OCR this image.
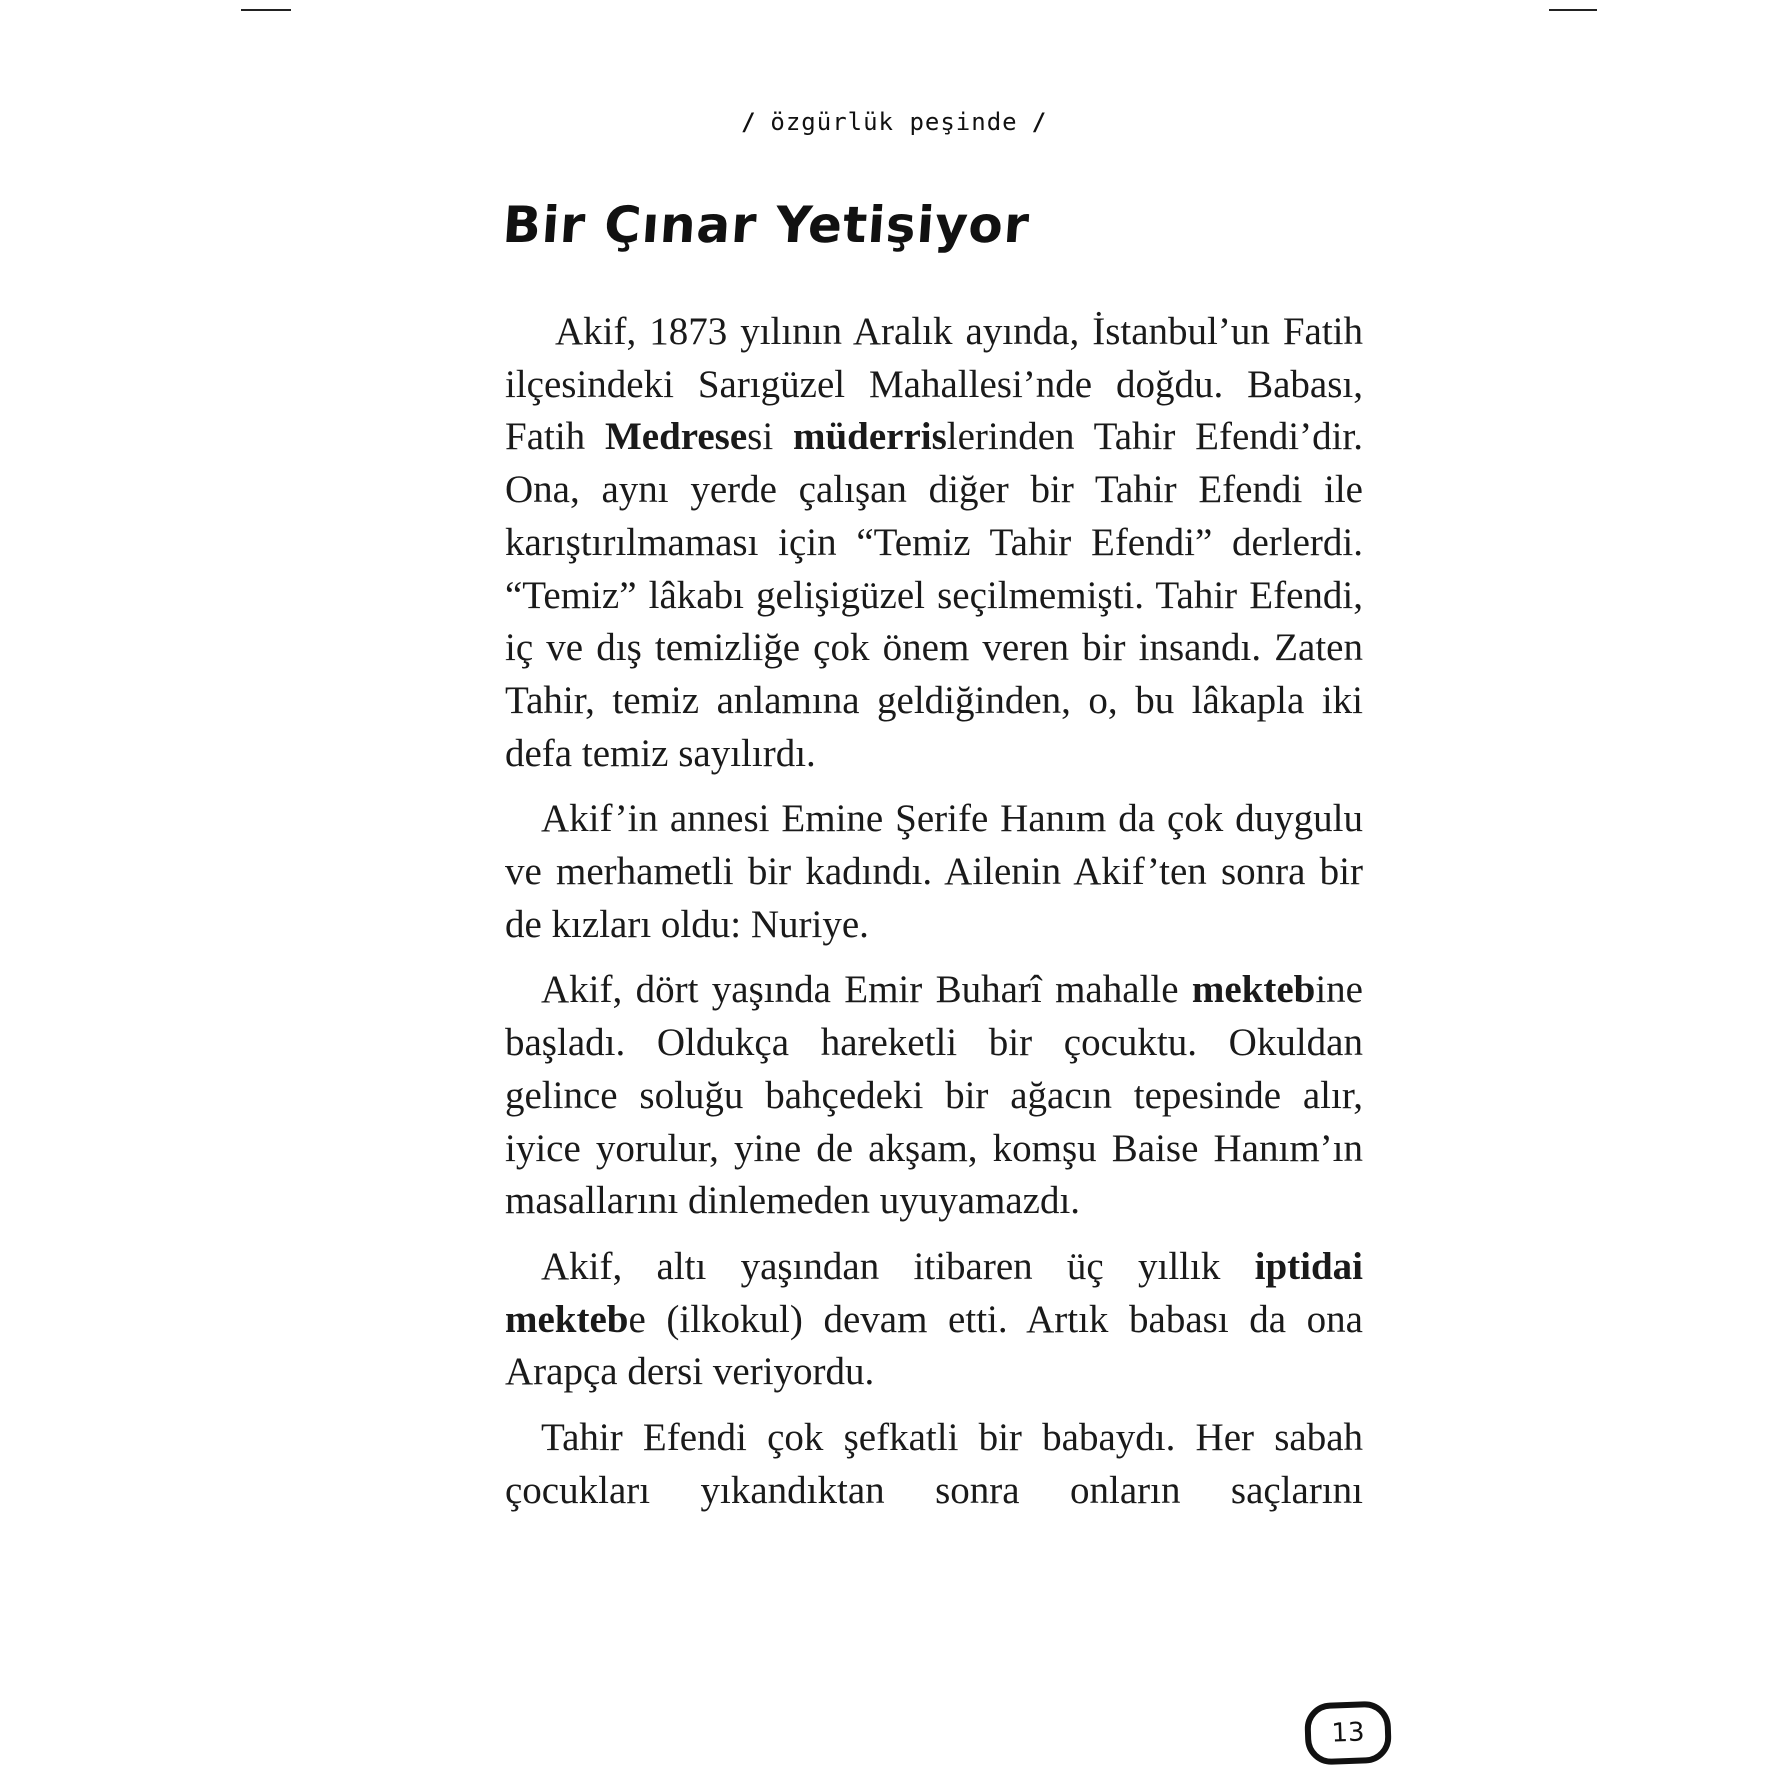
/ özgürlük peşinde /
Bir Çınar Yetişiyor

Akif, 1873 yılının Aralık ayında, İstanbul’un Fatih ilçesindeki Sarıgüzel Mahallesi’nde doğdu. Babası, Fatih Medresesi müderrislerinden Tahir Efendi’dir. Ona, aynı yerde çalışan diğer bir Tahir Efendi ile karıştırılmaması için “Temiz Tahir Efendi” derlerdi. “Temiz” lâkabı gelişigüzel seçilmemişti. Tahir Efendi, iç ve dış temizliğe çok önem veren bir insandı. Zaten Tahir, temiz anlamına geldiğinden, o, bu lâkapla iki defa temiz sayılırdı.

Akif’in annesi Emine Şerife Hanım da çok duygulu ve merhametli bir kadındı. Ailenin Akif’ten sonra bir de kızları oldu: Nuriye.

Akif, dört yaşında Emir Buharî mahalle mektebine başladı. Oldukça hareketli bir çocuktu. Okuldan gelince soluğu bahçedeki bir ağacın tepesinde alır, iyice yorulur, yine de akşam, komşu Baise Hanım’ın masallarını dinlemeden uyuyamazdı.

Akif, altı yaşından itibaren üç yıllık iptidai mektebe (ilkokul) devam etti. Artık babası da ona Arapça dersi veriyordu.

Tahir Efendi çok şefkatli bir babaydı. Her sabah çocukları yıkandıktan sonra onların saçlarını

13
